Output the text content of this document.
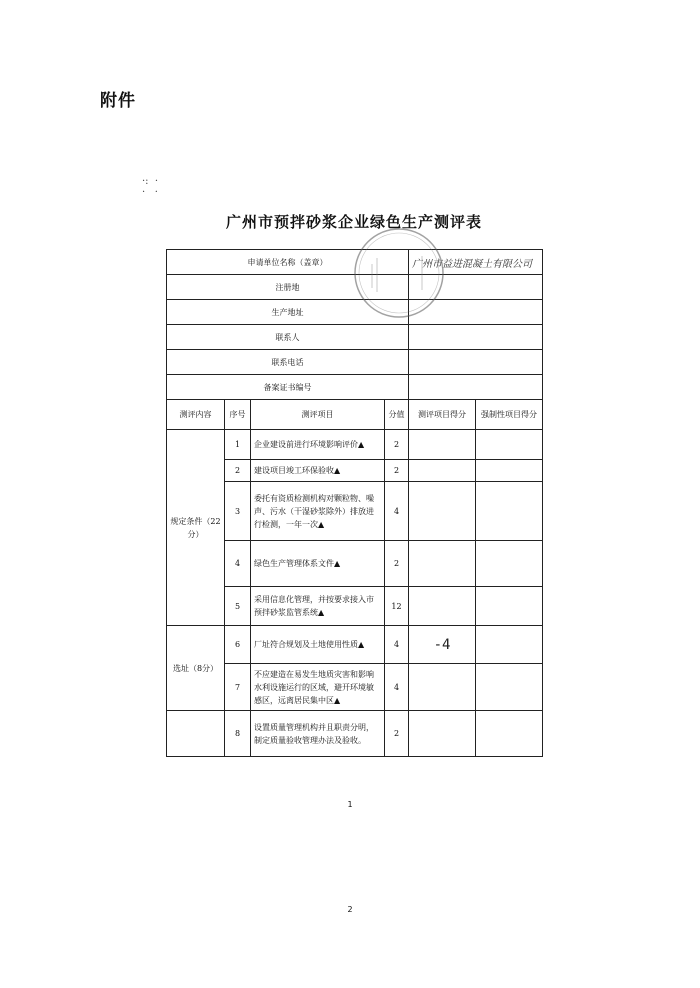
附件
·:  ·
·   ·
广州市预拌砂浆企业绿色生产测评表
申请单位名称（盖章）				广州市益进混凝土有限公司	
注册地					
生产地址					
联系人					
联系电话					
备案证书编号					
测评内容	序号	测评项目	分值	测评项目得分	强制性项目得分
规定条件（22分）	1	企业建设前进行环境影响评价▲	2		
	2	建设项目竣工环保验收▲	2		
	3	委托有资质检测机构对颗粒物、噪声、污水（干湿砂浆除外）排放进行检测，一年一次▲	4		
	4	绿色生产管理体系文件▲	2		
	5	采用信息化管理，并按要求接入市预拌砂浆监管系统▲	12		
选址（8分）	6	厂址符合规划及土地使用性质▲	4	-4	
	7	不应建造在易发生地质灾害和影响水利设施运行的区域，避开环境敏感区，远离居民集中区▲	4		
	8	设置质量管理机构并且职责分明，制定质量验收管理办法及验收。	2		
1
2
